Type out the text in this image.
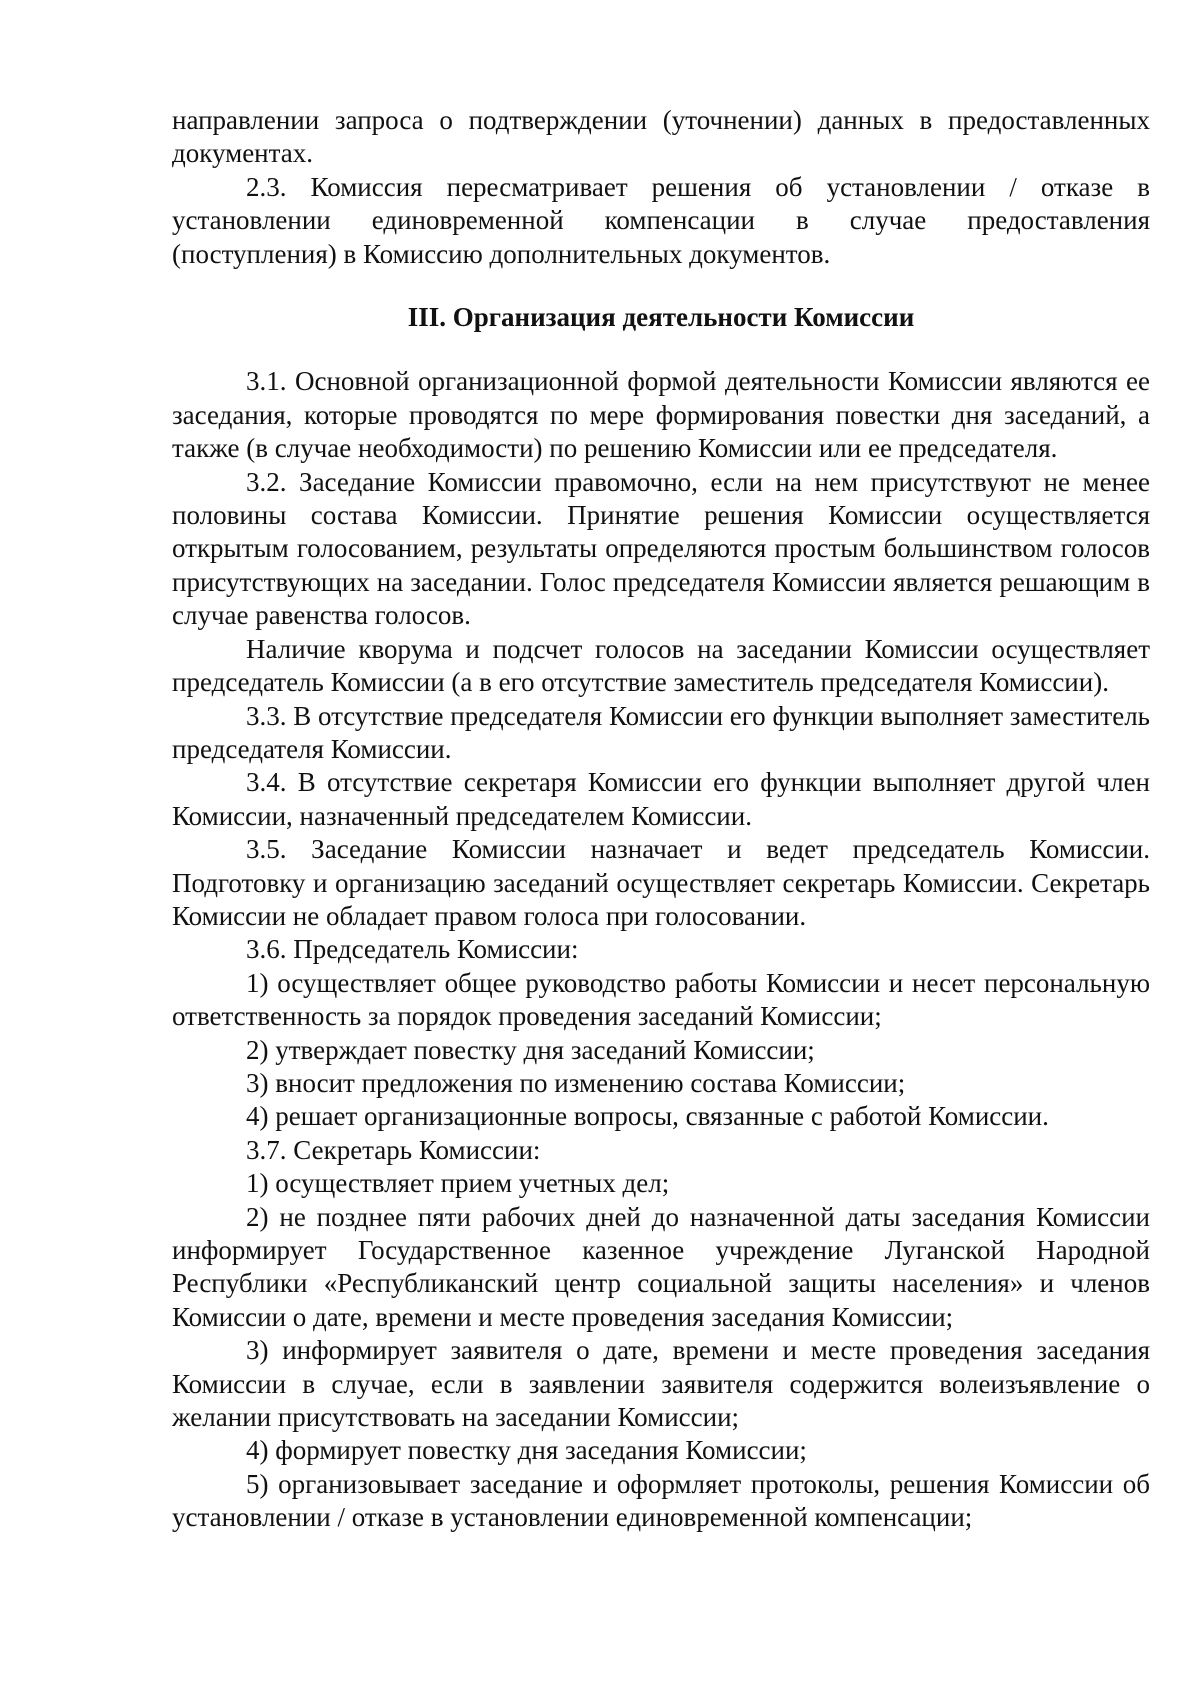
направлении запроса о подтверждении (уточнении) данных в предоставленных документах.

2.3. Комиссия пересматривает решения об установлении / отказе в установлении единовременной компенсации в случае предоставления (поступления) в Комиссию дополнительных документов.

III. Организация деятельности Комиссии

3.1. Основной организационной формой деятельности Комиссии являются ее заседания, которые проводятся по мере формирования повестки дня заседаний, а также (в случае необходимости) по решению Комиссии или ее председателя.

3.2. Заседание Комиссии правомочно, если на нем присутствуют не менее половины состава Комиссии. Принятие решения Комиссии осуществляется открытым голосованием, результаты определяются простым большинством голосов присутствующих на заседании. Голос председателя Комиссии является решающим в случае равенства голосов.

Наличие кворума и подсчет голосов на заседании Комиссии осуществляет председатель Комиссии (а в его отсутствие заместитель председателя Комиссии).

3.3. В отсутствие председателя Комиссии его функции выполняет заместитель председателя Комиссии.

3.4. В отсутствие секретаря Комиссии его функции выполняет другой член Комиссии, назначенный председателем Комиссии.

3.5. Заседание Комиссии назначает и ведет председатель Комиссии. Подготовку и организацию заседаний осуществляет секретарь Комиссии. Секретарь Комиссии не обладает правом голоса при голосовании.

3.6. Председатель Комиссии:

1) осуществляет общее руководство работы Комиссии и несет персональную ответственность за порядок проведения заседаний Комиссии;

2) утверждает повестку дня заседаний Комиссии;

3) вносит предложения по изменению состава Комиссии;

4) решает организационные вопросы, связанные с работой Комиссии.

3.7. Секретарь Комиссии:

1) осуществляет прием учетных дел;

2) не позднее пяти рабочих дней до назначенной даты заседания Комиссии информирует Государственное казенное учреждение Луганской Народной Республики «Республиканский центр социальной защиты населения» и членов Комиссии о дате, времени и месте проведения заседания Комиссии;

3) информирует заявителя о дате, времени и месте проведения заседания Комиссии в случае, если в заявлении заявителя содержится волеизъявление о желании присутствовать на заседании Комиссии;

4) формирует повестку дня заседания Комиссии;

5) организовывает заседание и оформляет протоколы, решения Комиссии об установлении / отказе в установлении единовременной компенсации;
